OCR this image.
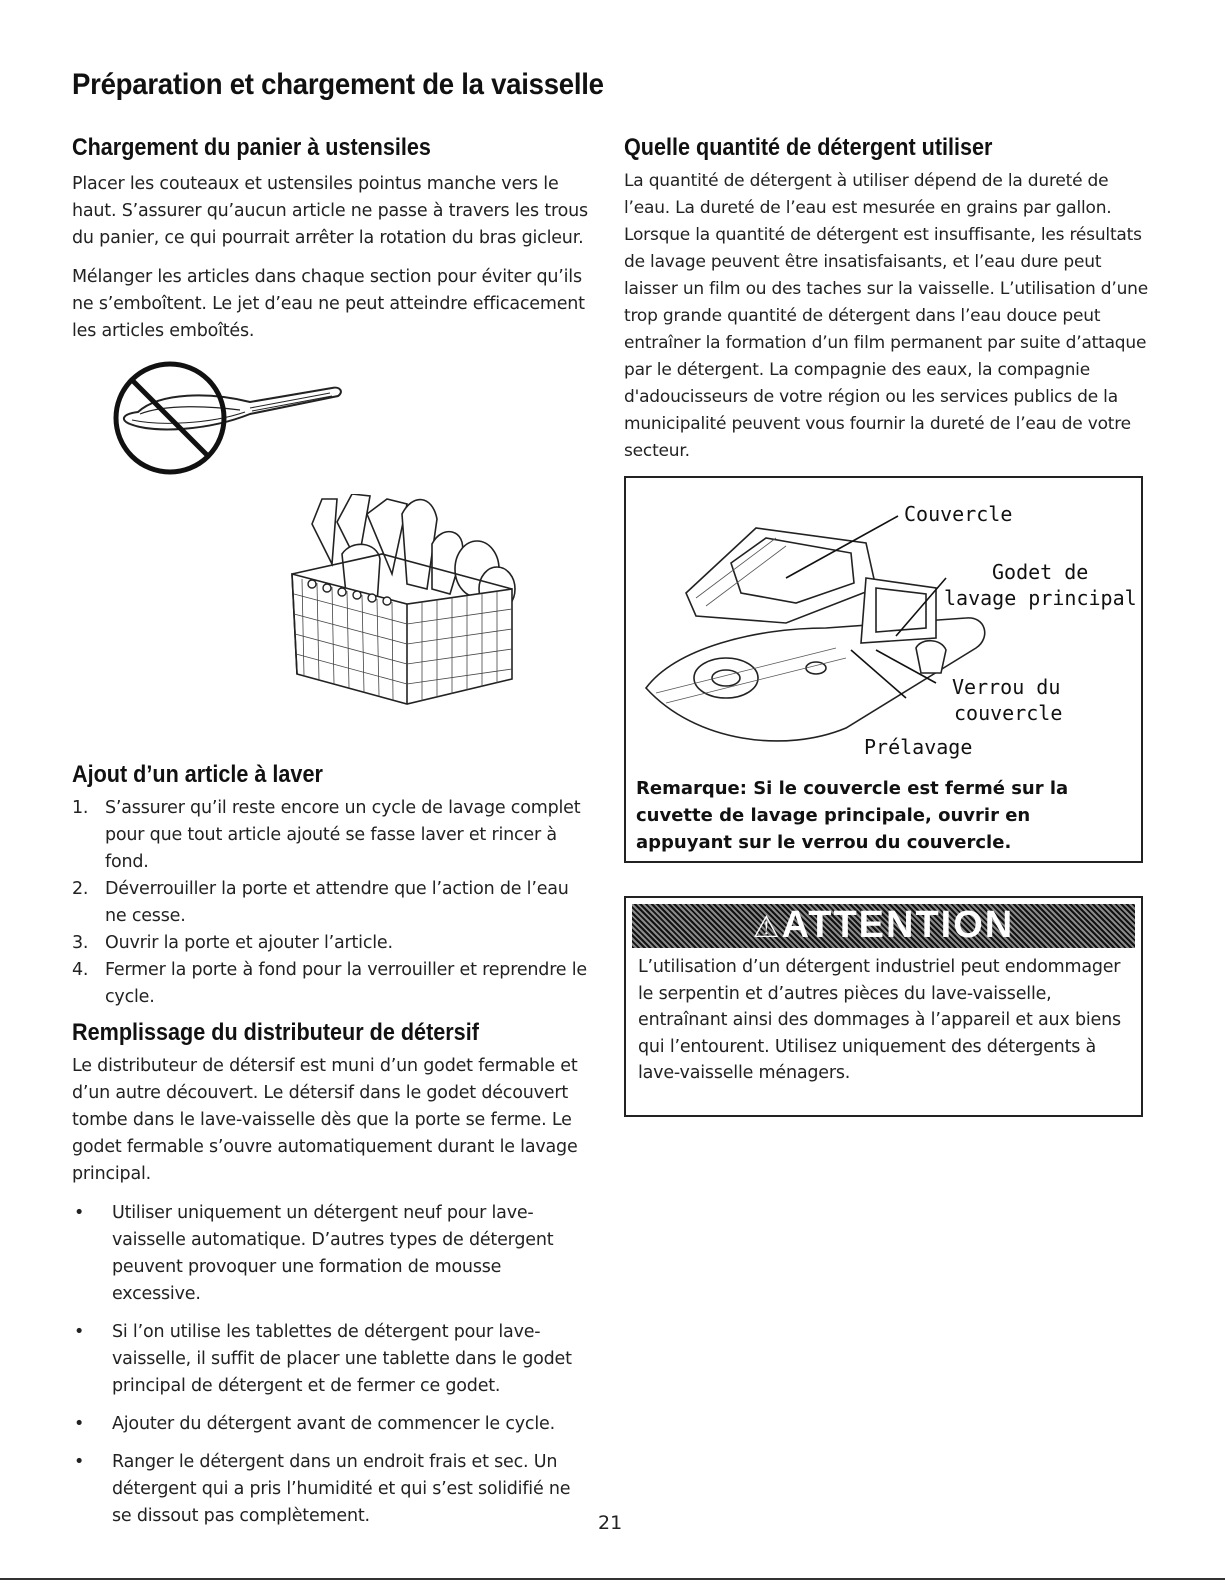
Préparation et chargement de la vaisselle
Chargement du panier à ustensiles

Placer les couteaux et ustensiles pointus manche vers le haut. S’assurer qu’aucun article ne passe à travers les trous du panier, ce qui pourrait arrêter la rotation du bras gicleur.

Mélanger les articles dans chaque section pour éviter qu’ils ne s’emboîtent. Le jet d’eau ne peut atteindre efficacement les articles emboîtés.

Ajout d’un article à laver
1. S’assurer qu’il reste encore un cycle de lavage complet pour que tout article ajouté se fasse laver et rincer à fond.
2. Déverrouiller la porte et attendre que l’action de l’eau ne cesse.
3. Ouvrir la porte et ajouter l’article.
4. Fermer la porte à fond pour la verrouiller et reprendre le cycle.
Remplissage du distributeur de détersif
Le distributeur de détersif est muni d’un godet fermable et d’un autre découvert. Le détersif dans le godet découvert tombe dans le lave-vaisselle dès que la porte se ferme. Le godet fermable s’ouvre automatiquement durant le lavage principal.
• Utiliser uniquement un détergent neuf pour lave-vaisselle automatique. D’autres types de détergent peuvent provoquer une formation de mousse excessive.
• Si l’on utilise les tablettes de détergent pour lave-vaisselle, il suffit de placer une tablette dans le godet principal de détergent et de fermer ce godet.
• Ajouter du détergent avant de commencer le cycle.
• Ranger le détergent dans un endroit frais et sec. Un détergent qui a pris l’humidité et qui s’est solidifié ne se dissout pas complètement.
Quelle quantité de détergent utiliser
La quantité de détergent à utiliser dépend de la dureté de l’eau. La dureté de l’eau est mesurée en grains par gallon. Lorsque la quantité de détergent est insuffisante, les résultats de lavage peuvent être insatisfaisants, et l’eau dure peut laisser un film ou des taches sur la vaisselle. L’utilisation d’une trop grande quantité de détergent dans l’eau douce peut entraîner la formation d’un film permanent par suite d’attaque par le détergent. La compagnie des eaux, la compagnie d'adoucisseurs de votre région ou les services publics de la municipalité peuvent vous fournir la dureté de l’eau de votre secteur.
Couvercle
Godet de
lavage principal
Verrou du
couvercle
Prélavage
Remarque: Si le couvercle est fermé sur la cuvette de lavage principale, ouvrir en appuyant sur le verrou du couvercle.
⚠ATTENTION
L’utilisation d’un détergent industriel peut endommager le serpentin et d’autres pièces du lave-vaisselle, entraînant ainsi des dommages à l’appareil et aux biens qui l’entourent. Utilisez uniquement des détergents à lave-vaisselle ménagers.
21
